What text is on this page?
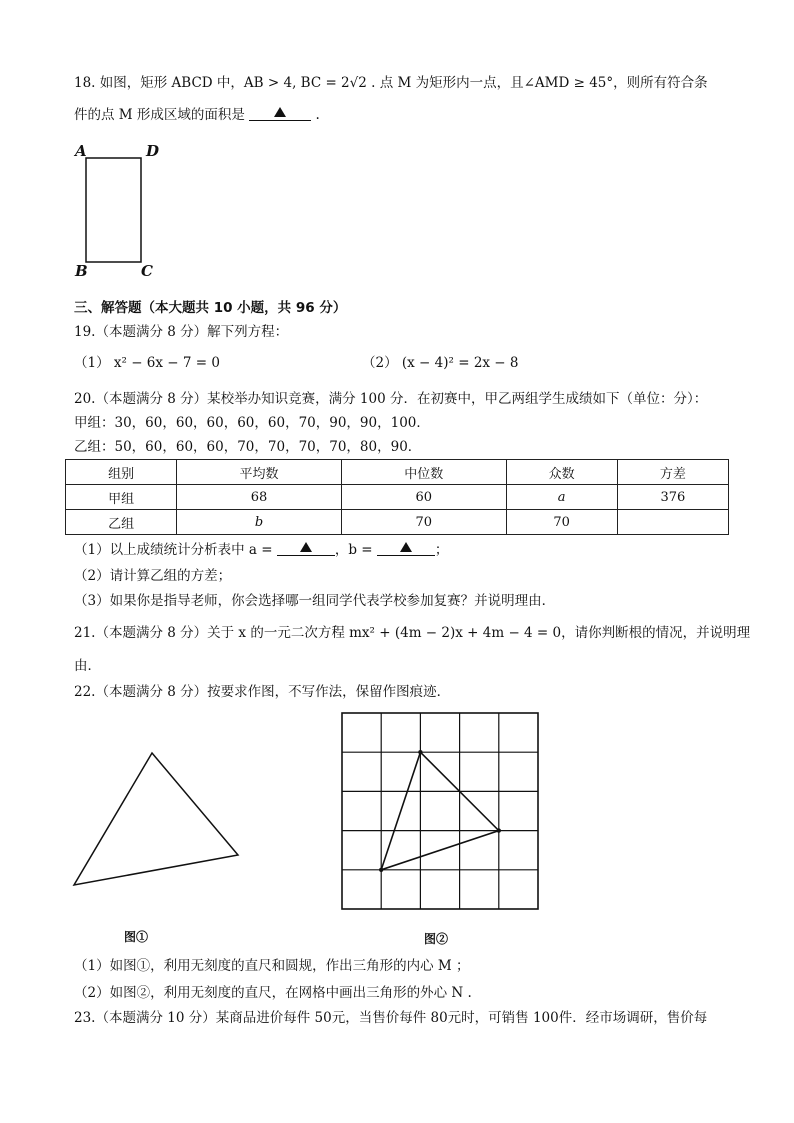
18. 如图，矩形 ABCD 中，AB > 4, BC = 2√2 . 点 M 为矩形内一点，且∠AMD ≥ 45°，则所有符合条
件的点 M 形成区域的面积是	.
A	D
B	C
三、解答题（本大题共 10 小题，共 96 分）
19.（本题满分 8 分）解下列方程：
（1） x² − 6x − 7 = 0	（2） (x − 4)² = 2x − 8
20.（本题满分 8 分）某校举办知识竞赛，满分 100 分．在初赛中，甲乙两组学生成绩如下（单位：分）：
甲组：30，60，60，60，60，60，70，90，90，100．
乙组：50，60，60，60，70，70，70，70，80，90．
组别	平均数	中位数	众数	方差
甲组	68	60	a	376
乙组	b	70	70	
（1）以上成绩统计分析表中 a =	，b =	；
（2）请计算乙组的方差；
（3）如果你是指导老师，你会选择哪一组同学代表学校参加复赛？并说明理由．
21.（本题满分 8 分）关于 x 的一元二次方程 mx² + (4m − 2)x + 4m − 4 = 0，请你判断根的情况，并说明理
由．
22.（本题满分 8 分）按要求作图，不写作法，保留作图痕迹．
图①	图②
（1）如图①，利用无刻度的直尺和圆规，作出三角形的内心 M ；
（2）如图②，利用无刻度的直尺，在网格中画出三角形的外心 N .
23.（本题满分 10 分）某商品进价每件 50元，当售价每件 80元时，可销售 100件．经市场调研，售价每
